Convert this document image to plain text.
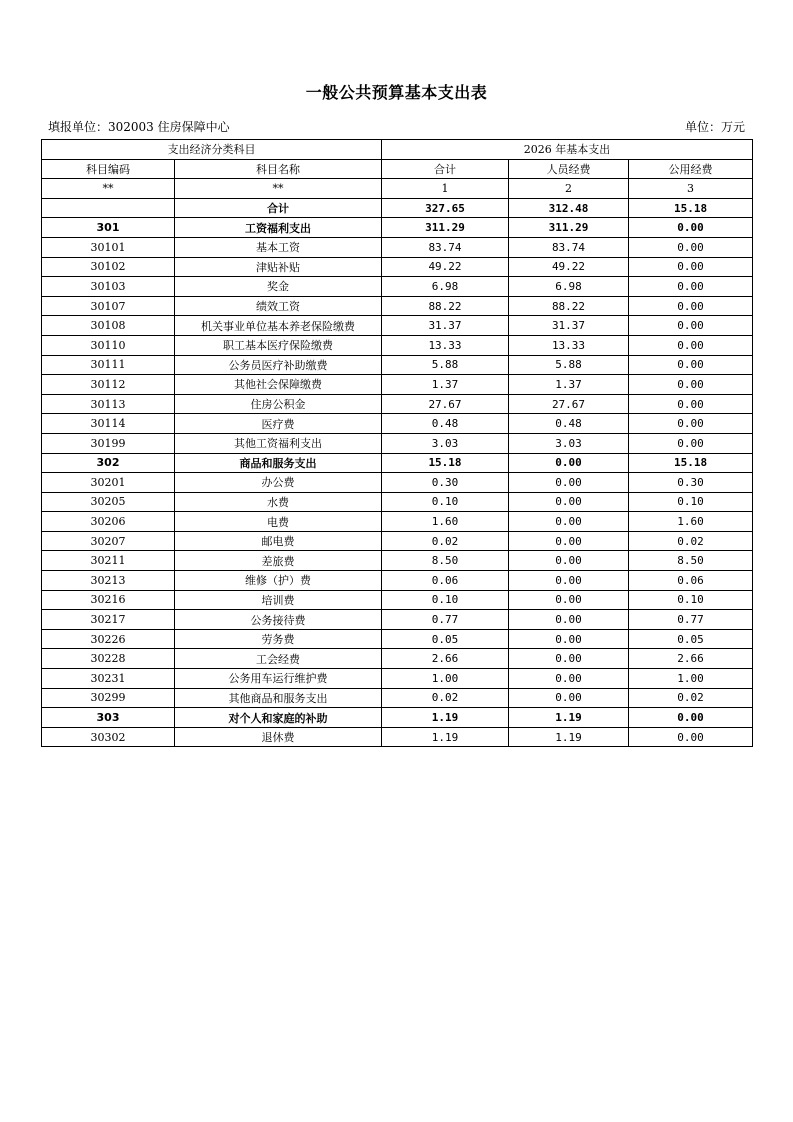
一般公共预算基本支出表
填报单位：302003 住房保障中心	单位：万元
支出经济分类科目		2026 年基本支出		
科目编码	科目名称	合计	人员经费	公用经费
**	**	1	2	3
	合计	327.65	312.48	15.18
301	工资福利支出	311.29	311.29	0.00
30101	基本工资	83.74	83.74	0.00
30102	津贴补贴	49.22	49.22	0.00
30103	奖金	6.98	6.98	0.00
30107	绩效工资	88.22	88.22	0.00
30108	机关事业单位基本养老保险缴费	31.37	31.37	0.00
30110	职工基本医疗保险缴费	13.33	13.33	0.00
30111	公务员医疗补助缴费	5.88	5.88	0.00
30112	其他社会保障缴费	1.37	1.37	0.00
30113	住房公积金	27.67	27.67	0.00
30114	医疗费	0.48	0.48	0.00
30199	其他工资福利支出	3.03	3.03	0.00
302	商品和服务支出	15.18	0.00	15.18
30201	办公费	0.30	0.00	0.30
30205	水费	0.10	0.00	0.10
30206	电费	1.60	0.00	1.60
30207	邮电费	0.02	0.00	0.02
30211	差旅费	8.50	0.00	8.50
30213	维修（护）费	0.06	0.00	0.06
30216	培训费	0.10	0.00	0.10
30217	公务接待费	0.77	0.00	0.77
30226	劳务费	0.05	0.00	0.05
30228	工会经费	2.66	0.00	2.66
30231	公务用车运行维护费	1.00	0.00	1.00
30299	其他商品和服务支出	0.02	0.00	0.02
303	对个人和家庭的补助	1.19	1.19	0.00
30302	退休费	1.19	1.19	0.00
